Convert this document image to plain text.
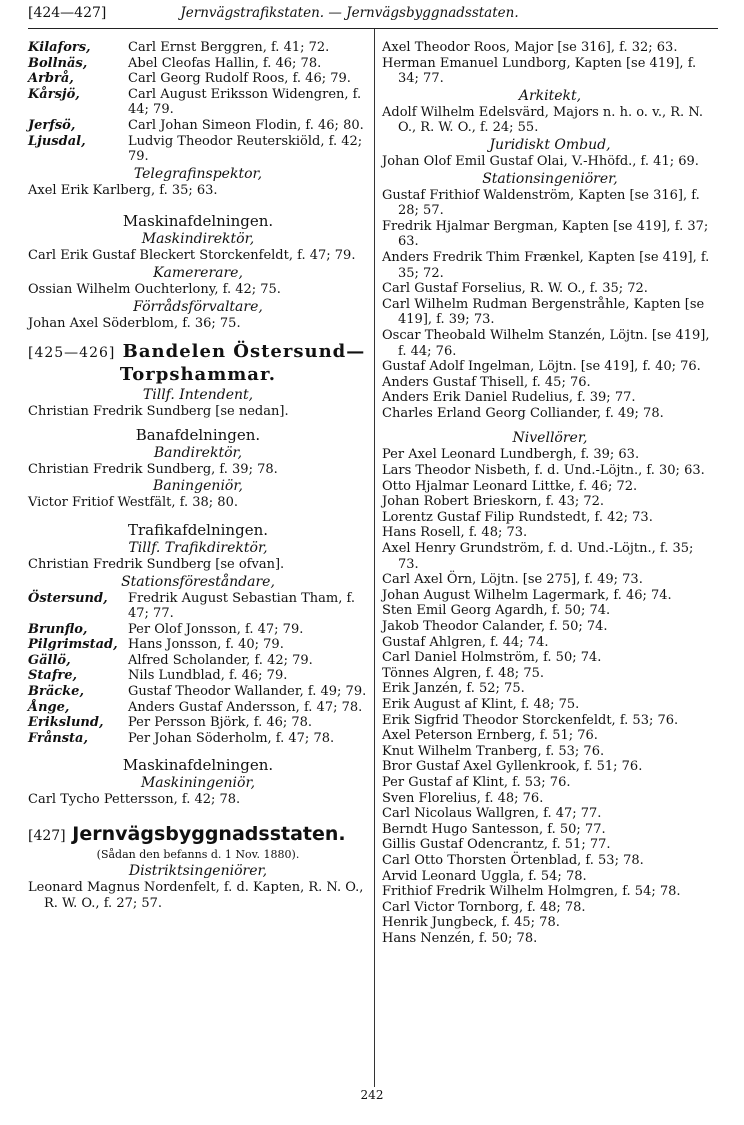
[424—427]	Jernvägstrafikstaten. — Jernvägsbyggnadsstaten.
Kilafors,	Carl Ernst Berggren, f. 41; 72.
Bollnäs,	Abel Cleofas Hallin, f. 46; 78.
Arbrå,	Carl Georg Rudolf Roos, f. 46; 79.
Kårsjö,	Carl August Eriksson Widengren, f. 44; 79.
Jerfsö,	Carl Johan Simeon Flodin, f. 46; 80.
Ljusdal,	Ludvig Theodor Reuterskiöld, f. 42; 79.
Telegrafinspektor,
Axel Erik Karlberg, f. 35; 63.
Maskinafdelningen.
Maskindirektör,
Carl Erik Gustaf Bleckert Storckenfeldt, f. 47; 79.
Kamererare,
Ossian Wilhelm Ouchterlony, f. 42; 75.
Förrådsförvaltare,
Johan Axel Söderblom, f. 36; 75.
[425—426] Bandelen Östersund—
Torpshammar.
Tillf. Intendent,
Christian Fredrik Sundberg [se nedan].
Banafdelningen.
Bandirektör,
Christian Fredrik Sundberg, f. 39; 78.
Baningeniör,
Victor Fritiof Westfält, f. 38; 80.
Trafikafdelningen.
Tillf. Trafikdirektör,
Christian Fredrik Sundberg [se ofvan].
Stationsföreståndare,
Östersund,	Fredrik August Sebastian Tham, f. 47; 77.
Brunflo,	Per Olof Jonsson, f. 47; 79.
Pilgrimstad, Hans Jonsson, f. 40; 79.
Gällö,	Alfred Scholander, f. 42; 79.
Stafre,	Nils Lundblad, f. 46; 79.
Bräcke,	Gustaf Theodor Wallander, f. 49; 79.
Ånge,	Anders Gustaf Andersson, f. 47; 78.
Erikslund,	Per Persson Björk, f. 46; 78.
Frånsta,	Per Johan Söderholm, f. 47; 78.
Maskinafdelningen.
Maskiningeniör,
Carl Tycho Pettersson, f. 42; 78.
[427] Jernvägsbyggnadsstaten.
(Sådan den befanns d. 1 Nov. 1880).
Distriktsingeniörer,
Leonard Magnus Nordenfelt, f. d. Kapten, R. N. O., R. W. O., f. 27; 57.
Axel Theodor Roos, Major [se 316], f. 32; 63.
Herman Emanuel Lundborg, Kapten [se 419], f. 34; 77.
Arkitekt,
Adolf Wilhelm Edelsvärd, Majors n. h. o. v., R. N. O., R. W. O., f. 24; 55.
Juridiskt Ombud,
Johan Olof Emil Gustaf Olai, V.-Hhöfd., f. 41; 69.
Stationsingeniörer,
Gustaf Frithiof Waldenström, Kapten [se 316], f. 28; 57.
Fredrik Hjalmar Bergman, Kapten [se 419], f. 37; 63.
Anders Fredrik Thim Frænkel, Kapten [se 419], f. 35; 72.
Carl Gustaf Forselius, R. W. O., f. 35; 72.
Carl Wilhelm Rudman Bergenstråhle, Kapten [se 419], f. 39; 73.
Oscar Theobald Wilhelm Stanzén, Löjtn. [se 419], f. 44; 76.
Gustaf Adolf Ingelman, Löjtn. [se 419], f. 40; 76.
Anders Gustaf Thisell, f. 45; 76.
Anders Erik Daniel Rudelius, f. 39; 77.
Charles Erland Georg Colliander, f. 49; 78.
Nivellörer,
Per Axel Leonard Lundbergh, f. 39; 63.
Lars Theodor Nisbeth, f. d. Und.-Löjtn., f. 30; 63.
Otto Hjalmar Leonard Littke, f. 46; 72.
Johan Robert Brieskorn, f. 43; 72.
Lorentz Gustaf Filip Rundstedt, f. 42; 73.
Hans Rosell, f. 48; 73.
Axel Henry Grundström, f. d. Und.-Löjtn., f. 35; 73.
Carl Axel Örn, Löjtn. [se 275], f. 49; 73.
Johan August Wilhelm Lagermark, f. 46; 74.
Sten Emil Georg Agardh, f. 50; 74.
Jakob Theodor Calander, f. 50; 74.
Gustaf Ahlgren, f. 44; 74.
Carl Daniel Holmström, f. 50; 74.
Tönnes Algren, f. 48; 75.
Erik Janzén, f. 52; 75.
Erik August af Klint, f. 48; 75.
Erik Sigfrid Theodor Storckenfeldt, f. 53; 76.
Axel Peterson Ernberg, f. 51; 76.
Knut Wilhelm Tranberg, f. 53; 76.
Bror Gustaf Axel Gyllenkrook, f. 51; 76.
Per Gustaf af Klint, f. 53; 76.
Sven Florelius, f. 48; 76.
Carl Nicolaus Wallgren, f. 47; 77.
Berndt Hugo Santesson, f. 50; 77.
Gillis Gustaf Odencrantz, f. 51; 77.
Carl Otto Thorsten Örtenblad, f. 53; 78.
Arvid Leonard Uggla, f. 54; 78.
Frithiof Fredrik Wilhelm Holmgren, f. 54; 78.
Carl Victor Tornborg, f. 48; 78.
Henrik Jungbeck, f. 45; 78.
Hans Nenzén, f. 50; 78.
242
